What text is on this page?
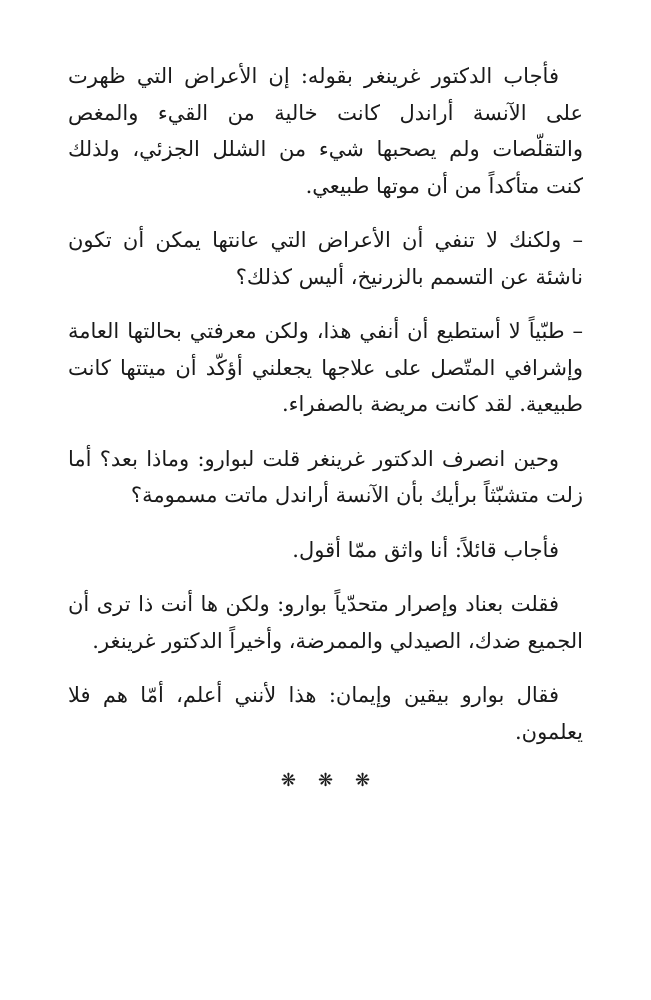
فأجاب الدكتور غرينغر بقوله: إن الأعراض التي ظهرت على الآنسة أراندل كانت خالية من القيء والمغص والتقلّصات ولم يصحبها شيء من الشلل الجزئي، ولذلك كنت متأكداً من أن موتها طبيعي.

– ولكنك لا تنفي أن الأعراض التي عانتها يمكن أن تكون ناشئة عن التسمم بالزرنيخ، أليس كذلك؟

– طبّياً لا أستطيع أن أنفي هذا، ولكن معرفتي بحالتها العامة وإشرافي المتّصل على علاجها يجعلني أؤكّد أن ميتتها كانت طبيعية. لقد كانت مريضة بالصفراء.

وحين انصرف الدكتور غرينغر قلت لبوارو: وماذا بعد؟ أما زلت متشبّثاً برأيك بأن الآنسة أراندل ماتت مسمومة؟

فأجاب قائلاً: أنا واثق ممّا أقول.

فقلت بعناد وإصرار متحدّياً بوارو: ولكن ها أنت ذا ترى أن الجميع ضدك، الصيدلي والممرضة، وأخيراً الدكتور غرينغر.

فقال بوارو بيقين وإيمان: هذا لأنني أعلم، أمّا هم فلا يعلمون.

❋❋❋
